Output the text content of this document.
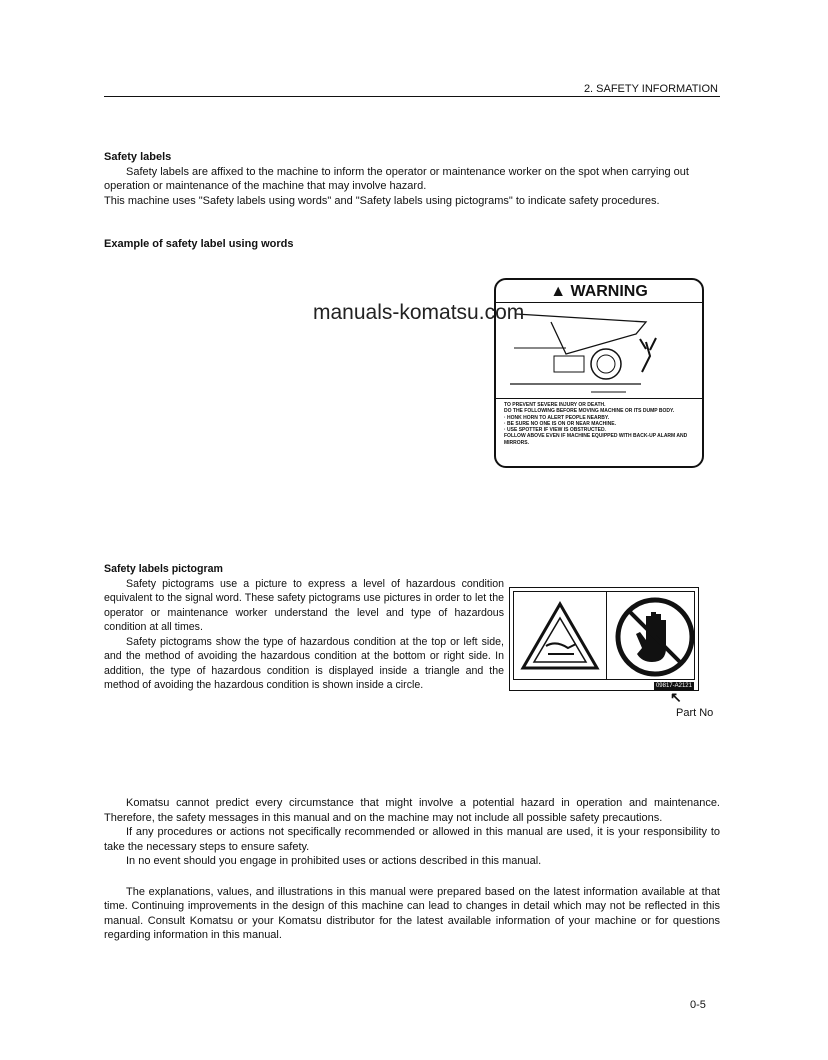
2. SAFETY INFORMATION

Safety labels

Safety labels are affixed to the machine to inform the operator or maintenance worker on the spot when carrying out operation or maintenance of the machine that may involve hazard.

This machine uses "Safety labels using words" and "Safety labels using pictograms" to indicate safety procedures.

Example of safety label using words
▲ WARNING
TO PREVENT SEVERE INJURY OR DEATH.
DO THE FOLLOWING BEFORE MOVING MACHINE OR ITS DUMP BODY.
· HONK HORN TO ALERT PEOPLE NEARBY.
· BE SURE NO ONE IS ON OR NEAR MACHINE.
· USE SPOTTER IF VIEW IS OBSTRUCTED.
FOLLOW ABOVE EVEN IF MACHINE EQUIPPED WITH BACK-UP ALARM AND MIRRORS.
manuals-komatsu.com

Safety labels pictogram

Safety pictograms use a picture to express a level of hazardous condition equivalent to the signal word. These safety pictograms use pictures in order to let the operator or maintenance worker understand the level and type of hazardous condition at all times.

Safety pictograms show the type of hazardous condition at the top or left side, and the method of avoiding the hazardous condition at the bottom or right side. In addition, the type of hazardous condition is displayed inside a triangle and the method of avoiding the hazardous condition is shown inside a circle.	09817-A2121
↖
Part No

Komatsu cannot predict every circumstance that might involve a potential hazard in operation and maintenance. Therefore, the safety messages in this manual and on the machine may not include all possible safety precautions.

If any procedures or actions not specifically recommended or allowed in this manual are used, it is your responsibility to take the necessary steps to ensure safety.

In no event should you engage in prohibited uses or actions described in this manual.

The explanations, values, and illustrations in this manual were prepared based on the latest information available at that time. Continuing improvements in the design of this machine can lead to changes in detail which may not be reflected in this manual. Consult Komatsu or your Komatsu distributor for the latest available information of your machine or for questions regarding information in this manual.

0-5
